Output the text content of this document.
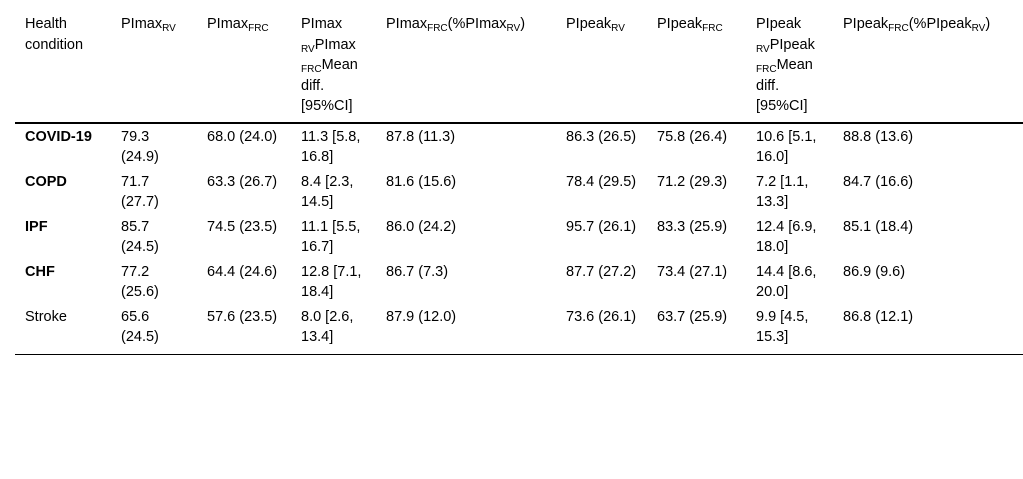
Health condition	PImax$_{RV}$	PImax$_{FRC}$	PImax $_{RV}$PImax $_{FRC}$Mean diff. [95%CI]	PImax$_{FRC}$(%PImax$_{RV}$)	PIpeak$_{RV}$	PIpeak$_{FRC}$	PIpeak $_{RV}$PIpeak $_{FRC}$Mean diff. [95%CI]	PIpeak$_{FRC}$(%PIpeak$_{RV}$)
COVID-19	79.3 (24.9)	68.0 (24.0)	11.3 [5.8, 16.8]	87.8 (11.3)	86.3 (26.5)	75.8 (26.4)	10.6 [5.1, 16.0]	88.8 (13.6)
COPD	71.7 (27.7)	63.3 (26.7)	8.4 [2.3, 14.5]	81.6 (15.6)	78.4 (29.5)	71.2 (29.3)	7.2 [1.1, 13.3]	84.7 (16.6)
IPF	85.7 (24.5)	74.5 (23.5)	11.1 [5.5, 16.7]	86.0 (24.2)	95.7 (26.1)	83.3 (25.9)	12.4 [6.9, 18.0]	85.1 (18.4)
CHF	77.2 (25.6)	64.4 (24.6)	12.8 [7.1, 18.4]	86.7 (7.3)	87.7 (27.2)	73.4 (27.1)	14.4 [8.6, 20.0]	86.9 (9.6)
Stroke	65.6 (24.5)	57.6 (23.5)	8.0 [2.6, 13.4]	87.9 (12.0)	73.6 (26.1)	63.7 (25.9)	9.9 [4.5, 15.3]	86.8 (12.1)
